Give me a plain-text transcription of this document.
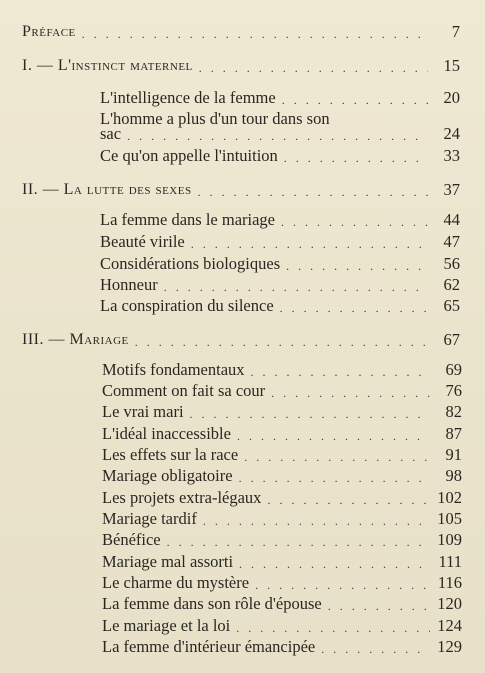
Préface . . .	7
I. — L'instinct maternel . . .	15
L'intelligence de la femme . . .	20
L'homme a plus d'un tour dans son
sac . . .	24
Ce qu'on appelle l'intuition . . .	33
II. — La lutte des sexes . . .	37
La femme dans le mariage . . .	44
Beauté virile . . .	47
Considérations biologiques . . .	56
Honneur . . .	62
La conspiration du silence . . .	65
III. — Mariage . . .	67
Motifs fondamentaux . . .	69
Comment on fait sa cour . . .	76
Le vrai mari . . .	82
L'idéal inaccessible . . .	87
Les effets sur la race . . .	91
Mariage obligatoire . . .	98
Les projets extra-légaux . . .	102
Mariage tardif . . .	105
Bénéfice . . .	109
Mariage mal assorti . . .	111
Le charme du mystère . . .	116
La femme dans son rôle d'épouse . . .	120
Le mariage et la loi . . .	124
La femme d'intérieur émancipée . . .	129
